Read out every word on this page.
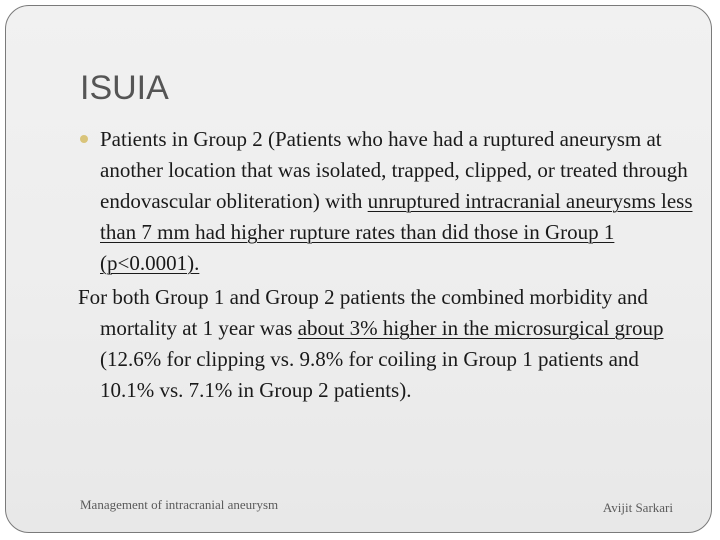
ISUIA

Patients in Group 2 (Patients who have had a ruptured aneurysm at another location that was isolated, trapped, clipped, or treated through endovascular obliteration) with unruptured intracranial aneurysms less than 7 mm had higher rupture rates than did those in Group 1 (p<0.0001).

For both Group 1 and Group 2 patients the combined morbidity and mortality at 1 year was about 3% higher in the microsurgical group (12.6% for clipping vs. 9.8% for coiling in Group 1 patients and 10.1% vs. 7.1% in Group 2 patients).

Management of intracranial aneurysm	Avijit Sarkari
